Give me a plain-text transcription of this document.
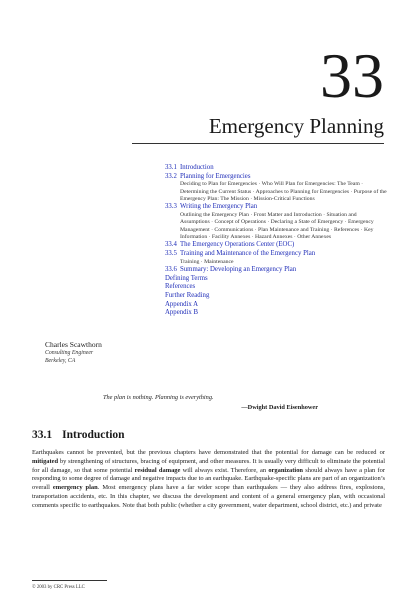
33
Emergency Planning
33.1 Introduction
33.2 Planning for Emergencies
Deciding to Plan for Emergencies · Who Will Plan for Emergencies: The Team · Determining the Current Status · Approaches to Planning for Emergencies · Purpose of the Emergency Plan: The Mission · Mission-Critical Functions
33.3 Writing the Emergency Plan
Outlining the Emergency Plan · Front Matter and Introduction · Situation and Assumptions · Concept of Operations · Declaring a State of Emergency · Emergency Management · Communications · Plan Maintenance and Training · References · Key Information · Facility Annexes · Hazard Annexes · Other Annexes
33.4 The Emergency Operations Center (EOC)
33.5 Training and Maintenance of the Emergency Plan
Training · Maintenance
33.6 Summary: Developing an Emergency Plan
Defining Terms
References
Further Reading
Appendix A
Appendix B
Charles Scawthorn
Consulting Engineer
Berkeley, CA
The plan is nothing. Planning is everything.
—Dwight David Eisenhower
33.1 Introduction
Earthquakes cannot be prevented, but the previous chapters have demonstrated that the potential for damage can be reduced or mitigated by strengthening of structures, bracing of equipment, and other measures. It is usually very difficult to eliminate the potential for all damage, so that some potential residual damage will always exist. Therefore, an organization should always have a plan for responding to some degree of damage and negative impacts due to an earthquake. Earthquake-specific plans are part of an organization’s overall emergency plan. Most emergency plans have a far wider scope than earthquakes — they also address fires, explosions, transportation accidents, etc. In this chapter, we discuss the development and content of a general emergency plan, with occasional comments specific to earthquakes. Note that both public (whether a city government, water department, school district, etc.) and private
© 2003 by CRC Press LLC
